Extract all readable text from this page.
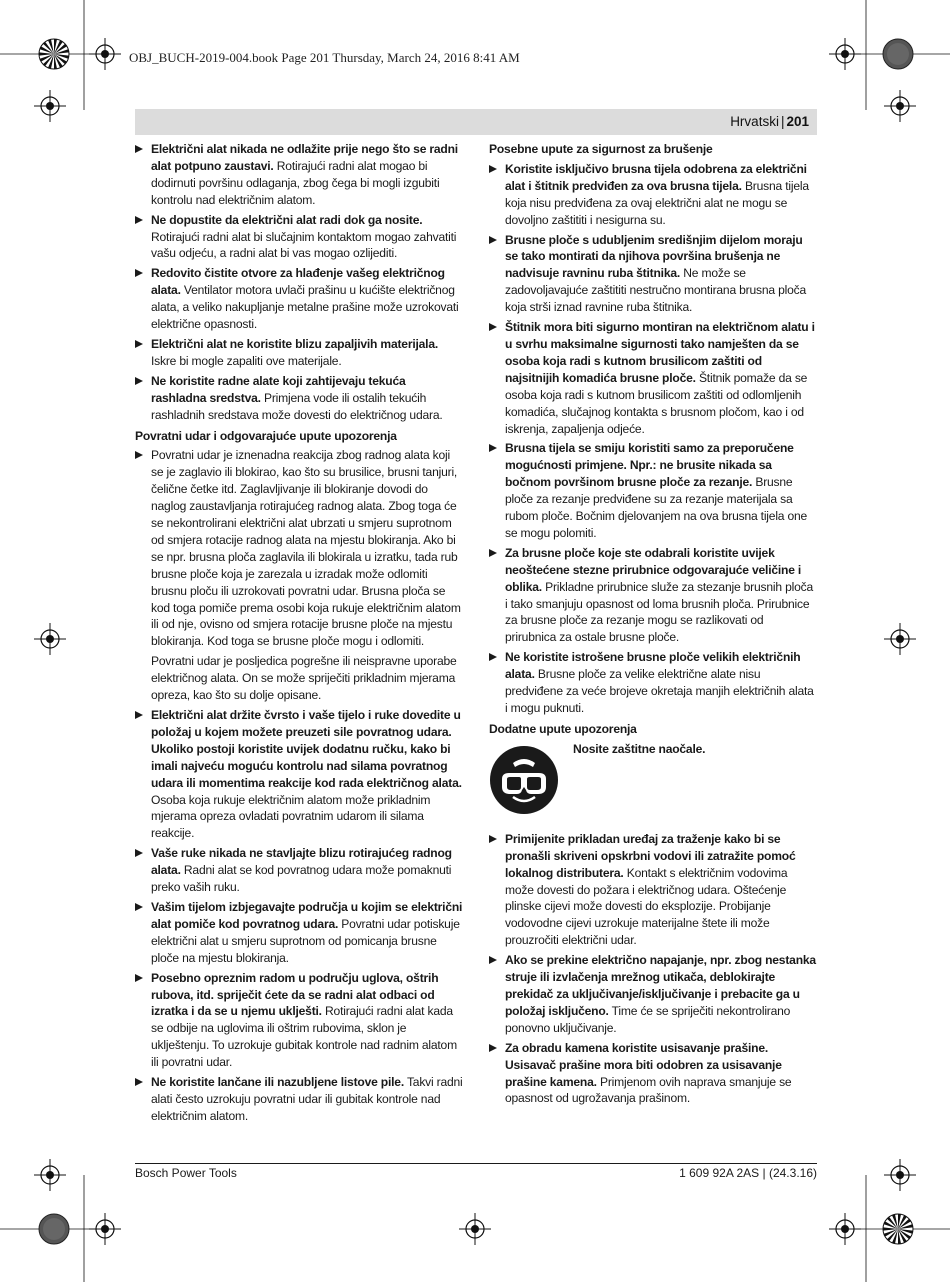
OBJ_BUCH-2019-004.book Page 201 Thursday, March 24, 2016 8:41 AM
Hrvatski | 201
Električni alat nikada ne odlažite prije nego što se radni alat potpuno zaustavi. Rotirajući radni alat mogao bi dodirnuti površinu odlaganja, zbog čega bi mogli izgubiti kontrolu nad električnim alatom.
Ne dopustite da električni alat radi dok ga nosite. Rotirajući radni alat bi slučajnim kontaktom mogao zahvatiti vašu odjeću, a radni alat bi vas mogao ozlijediti.
Redovito čistite otvore za hlađenje vašeg električnog alata. Ventilator motora uvlači prašinu u kućište električnog alata, a veliko nakupljanje metalne prašine može uzrokovati električne opasnosti.
Električni alat ne koristite blizu zapaljivih materijala. Iskre bi mogle zapaliti ove materijale.
Ne koristite radne alate koji zahtijevaju tekuća rashladna sredstva. Primjena vode ili ostalih tekućih rashladnih sredstava može dovesti do električnog udara.
Povratni udar i odgovarajuće upute upozorenja
Povratni udar je iznenadna reakcija zbog radnog alata koji se je zaglavio ili blokirao, kao što su brusilice, brusni tanjuri, čelične četke itd. Zaglavljivanje ili blokiranje dovodi do naglog zaustavljanja rotirajućeg radnog alata. Zbog toga će se nekontrolirani električni alat ubrzati u smjeru suprotnom od smjera rotacije radnog alata na mjestu blokiranja. Ako bi se npr. brusna ploča zaglavila ili blokirala u izratku, tada rub brusne ploče koja je zarezala u izradak može odlomiti brusnu ploču ili uzrokovati povratni udar. Brusna ploča se kod toga pomiče prema osobi koja rukuje električnim alatom ili od nje, ovisno od smjera rotacije brusne ploče na mjestu blokiranja. Kod toga se brusne ploče mogu i odlomiti.
Povratni udar je posljedica pogrešne ili neispravne uporabe električnog alata. On se može spriječiti prikladnim mjerama opreza, kao što su dolje opisane.
Električni alat držite čvrsto i vaše tijelo i ruke dovedite u položaj u kojem možete preuzeti sile povratnog udara. Ukoliko postoji koristite uvijek dodatnu ručku, kako bi imali najveću moguću kontrolu nad silama povratnog udara ili momentima reakcije kod rada električnog alata. Osoba koja rukuje električnim alatom može prikladnim mjerama opreza ovladati povratnim udarom ili silama reakcije.
Vaše ruke nikada ne stavljajte blizu rotirajućeg radnog alata. Radni alat se kod povratnog udara može pomaknuti preko vaših ruku.
Vašim tijelom izbjegavajte područja u kojim se električni alat pomiče kod povratnog udara. Povratni udar potiskuje električni alat u smjeru suprotnom od pomicanja brusne ploče na mjestu blokiranja.
Posebno opreznim radom u području uglova, oštrih rubova, itd. spriječit ćete da se radni alat odbaci od izratka i da se u njemu uklješti. Rotirajući radni alat kada se odbije na uglovima ili oštrim rubovima, sklon je uklještenju. To uzrokuje gubitak kontrole nad radnim alatom ili povratni udar.
Ne koristite lančane ili nazubljene listove pile. Takvi radni alati često uzrokuju povratni udar ili gubitak kontrole nad električnim alatom.
Posebne upute za sigurnost za brušenje
Koristite isključivo brusna tijela odobrena za električni alat i štitnik predviđen za ova brusna tijela. Brusna tijela koja nisu predviđena za ovaj električni alat ne mogu se dovoljno zaštititi i nesigurna su.
Brusne ploče s udubljenim središnjim dijelom moraju se tako montirati da njihova površina brušenja ne nadvisuje ravninu ruba štitnika. Ne može se zadovoljavajuće zaštititi nestručno montirana brusna ploča koja strši iznad ravnine ruba štitnika.
Štitnik mora biti sigurno montiran na električnom alatu i u svrhu maksimalne sigurnosti tako namješten da se osoba koja radi s kutnom brusilicom zaštiti od najsitnijih komadića brusne ploče. Štitnik pomaže da se osoba koja radi s kutnom brusilicom zaštiti od odlomljenih komadića, slučajnog kontakta s brusnom pločom, kao i od iskrenja, zapaljenja odjeće.
Brusna tijela se smiju koristiti samo za preporučene mogućnosti primjene. Npr.: ne brusite nikada sa bočnom površinom brusne ploče za rezanje. Brusne ploče za rezanje predviđene su za rezanje materijala sa rubom ploče. Bočnim djelovanjem na ova brusna tijela one se mogu polomiti.
Za brusne ploče koje ste odabrali koristite uvijek neoštećene stezne prirubnice odgovarajuće veličine i oblika. Prikladne prirubnice služe za stezanje brusnih ploča i tako smanjuju opasnost od loma brusnih ploča. Prirubnice za brusne ploče za rezanje mogu se razlikovati od prirubnica za ostale brusne ploče.
Ne koristite istrošene brusne ploče velikih električnih alata. Brusne ploče za velike električne alate nisu predviđene za veće brojeve okretaja manjih električnih alata i mogu puknuti.
Dodatne upute upozorenja
Nosite zaštitne naočale.
Primijenite prikladan uređaj za traženje kako bi se pronašli skriveni opskrbni vodovi ili zatražite pomoć lokalnog distributera. Kontakt s električnim vodovima može dovesti do požara i električnog udara. Oštećenje plinske cijevi može dovesti do eksplozije. Probijanje vodovodne cijevi uzrokuje materijalne štete ili može prouzročiti električni udar.
Ako se prekine električno napajanje, npr. zbog nestanka struje ili izvlačenja mrežnog utikača, deblokirajte prekidač za uključivanje/isključivanje i prebacite ga u položaj isključeno. Time će se spriječiti nekontrolirano ponovno uključivanje.
Za obradu kamena koristite usisavanje prašine. Usisavač prašine mora biti odobren za usisavanje prašine kamena. Primjenom ovih naprava smanjuje se opasnost od ugrožavanja prašinom.
Bosch Power Tools	1 609 92A 2AS | (24.3.16)
